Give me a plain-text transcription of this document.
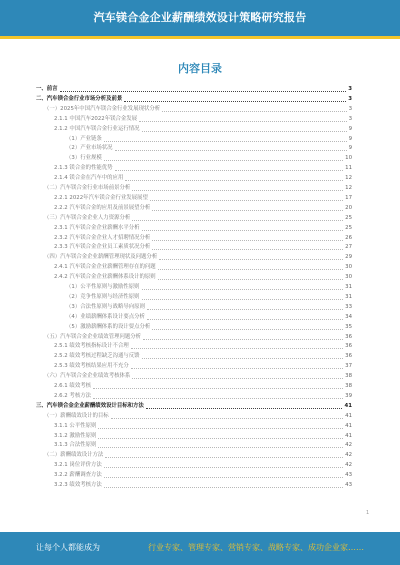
汽车镁合金企业薪酬绩效设计策略研究报告
内容目录
一、前言	3
二、汽车镁合金行业市场分析及前景	3
（一）2025年中国汽车镁合金行业发展现状分析	3
2.1.1 中国汽车2022年镁合金发展	3
2.1.2 中国汽车镁合金行业运行情况	9
（1）产业链条	9
（2）产业市场状况	9
（3）行业规模	10
2.1.3 镁合金的性能优势	11
2.1.4 镁合金在汽车中的应用	12
（二）汽车镁合金行业市场前景分析	12
2.2.1 2022年汽车镁合金行业发展展望	17
2.2.2 汽车镁合金的应用及前景展望分析	20
（三）汽车镁合金企业人力资源分析	25
2.3.1 汽车镁合金企业薪酬水平分析	25
2.3.2 汽车镁合金企业人才招聘情况分析	26
2.3.3 汽车镁合金企业员工素质状况分析	27
（四）汽车镁合金企业薪酬管理现状及问题分析	29
2.4.1 汽车镁合金企业薪酬管理存在的问题	30
2.4.2 汽车镁合金企业薪酬体系设计的原则	30
（1）公平性原则与激励性原则	31
（2）竞争性原则与经济性原则	31
（3）合法性原则与战略导向原则	33
（4）业绩薪酬体系设计要点分析	34
（5）激励薪酬体系的设计要点分析	35
（五）汽车镁合金企业绩效管理问题分析	36
2.5.1 绩效考核指标设计不合理	36
2.5.2 绩效考核过程缺乏沟通与反馈	36
2.5.3 绩效考核结果应用不充分	37
（六）汽车镁合金企业绩效考核体系	38
2.6.1 绩效考核	38
2.6.2 考核方法	39
三、汽车镁合金企业薪酬绩效设计目标和方法	41
（一）薪酬绩效设计的目标	41
3.1.1 公平性原则	41
3.1.2 激励性原则	41
3.1.3 合法性原则	42
（二）薪酬绩效设计方法	42
3.2.1 岗位评价方法	42
3.2.2 薪酬调查方法	43
3.2.3 绩效考核方法	43
1
让每个人都能成为	行业专家、管理专家、营销专家、战略专家、成功企业家……
